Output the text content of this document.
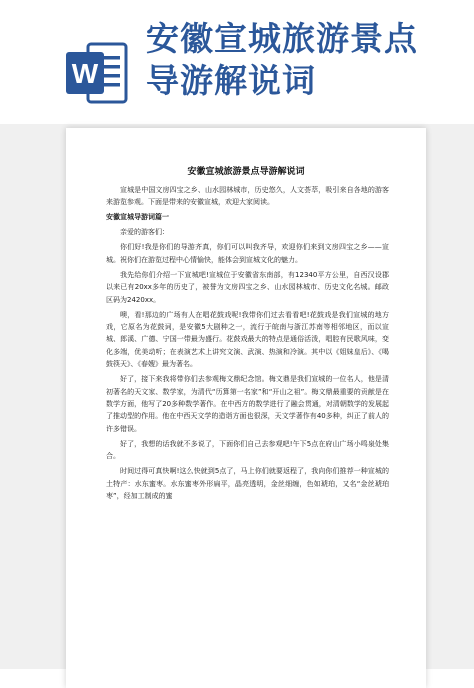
W
安徽宣城旅游景点
导游解说词
安徽宣城旅游景点导游解说词

宣城是中国文房四宝之乡、山水园林城市，历史悠久，人文荟萃，吸引来自各地的游客来游览参观。下面是带来的安徽宣城，欢迎大家阅读。

安徽宣城导游词篇一

亲爱的游客们：

你们好!我是你们的导游齐真，你们可以叫我齐导，欢迎你们来到文房四宝之乡——宣城。祝你们在游览过程中心情愉快，能体会到宣城文化的魅力。

我先给你们介绍一下宣城吧!宣城位于安徽省东南部，有12340平方公里，自西汉设郡以来已有20xx多年的历史了，被誉为文房四宝之乡、山水园林城市、历史文化名城。邮政区码为2420xx。

噢，看!那边的广场有人在唱花鼓戏呢!我带你们过去看看吧!花鼓戏是我们宣城的地方戏，它原名为花鼓词，是安徽5大剧种之一，流行于皖南与浙江苏南等相邻地区，而以宣城、郎溪、广德、宁国一带最为盛行。花鼓戏最大的特点是通俗活泼，唱腔有民歌风味，变化多端，优美动听；在表演艺术上讲究文演、武演、热演和冷演。其中以《姐妹皇后》、《喝鼓筷天》、《春嫂》最为著名。

好了，接下来我将带你们去参观梅文鼎纪念馆。梅文鼎是我们宣城的一位名人，他是清初著名的天文家、数学家，为清代“历算第一名家”和“开山之祖”。梅文鼎最重要的贡献是在数学方面，他写了20多种数学著作。在中西方的数学进行了融会贯通，对清朝数学的发展起了推动型的作用。他在中西天文学的造诣方面也很深，天文学著作有40多种，纠正了前人的许多错误。

好了，我想的话我就不多说了，下面你们自己去参观吧!午下5点在府山广场小鸣泉处集合。

时间过得可真快啊!这么快就到5点了，马上你们就要返程了，我向你们推荐一种宣城的土特产：水东蜜枣。水东蜜枣外形扁平，晶亮透明，金丝细缠，色如琥珀，又名“金丝琥珀枣”，经加工制成的蜜
